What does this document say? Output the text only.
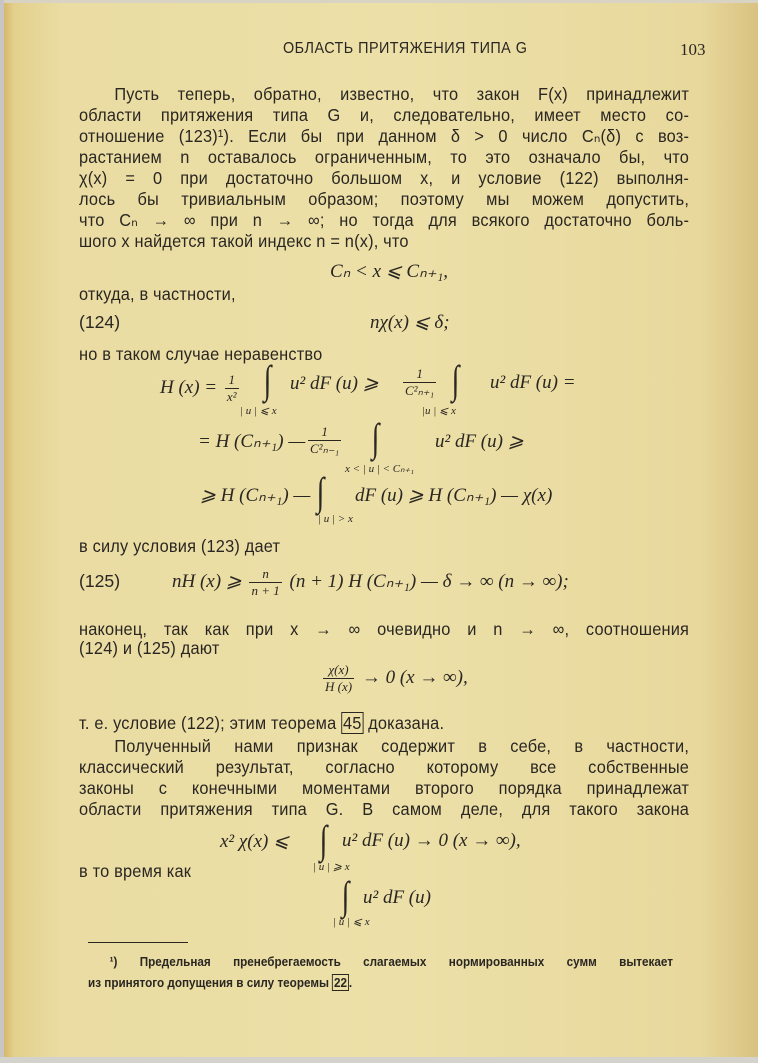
ОБЛАСТЬ ПРИТЯЖЕНИЯ ТИПА G	103
Пусть теперь, обратно, известно, что закон F(x) принадлежит
области притяжения типа G и, следовательно, имеет место со-
отношение (123)¹). Если бы при данном δ > 0 число Cₙ(δ) с воз-
растанием n оставалось ограниченным, то это означало бы, что
χ(x) = 0 при достаточно большом x, и условие (122) выполня-
лось бы тривиальным образом; поэтому мы можем допустить,
что Cₙ → ∞ при n → ∞; но тогда для всякого достаточно боль-
шого x найдется такой индекс n = n(x), что
Cₙ < x ⩽ Cₙ₊₁,
откуда, в частности,
(124)	nχ(x) ⩽ δ;
но в таком случае неравенство
H $(x) = \frac{1}{\text{x²}}$ ∫ u² dF (u) ⩾
| u | ⩽ x
$\frac{1}{\text{C²ₙ₊₁}}$ ∫ u² dF (u) =
|u | ⩽ x
= H (Cₙ₊₁) — $\frac{1}{\text{C²ₙ₋₁}}$ ∫	u² dF (u) ⩾
x < | u | < Cₙ₊₁
⩾ H (Cₙ₊₁) — ∫ dF (u) ⩾ H (Cₙ₊₁) — χ(x)
| u | > x
в силу условия (123) дает
(125)	nH (x) ⩾ $\frac{n}{n + 1} (n + 1)$ H (Cₙ₊₁) — δ → ∞ (n → ∞);
наконец, так как при x → ∞ очевидно и n → ∞, соотношения
(124) и (125) дают
$\frac{\chi(x)}{H (x)} \to 0$ (x → ∞),
т. е. условие (122); этим теорема 45 доказана.
Полученный нами признак содержит в себе, в частности,
классический результат, согласно которому все собственные
законы с конечными моментами второго порядка принадлежат
области притяжения типа G. В самом деле, для такого закона
x² χ(x) ⩽ ∫ u² dF (u) → 0 (x → ∞),
| u | ⩾ x
в то время как
∫ u² dF (u)
| u | ⩽ x
¹) Предельная пренебрегаемость слагаемых нормированных сумм вытекает
из принятого допущения в силу теоремы 22 .
